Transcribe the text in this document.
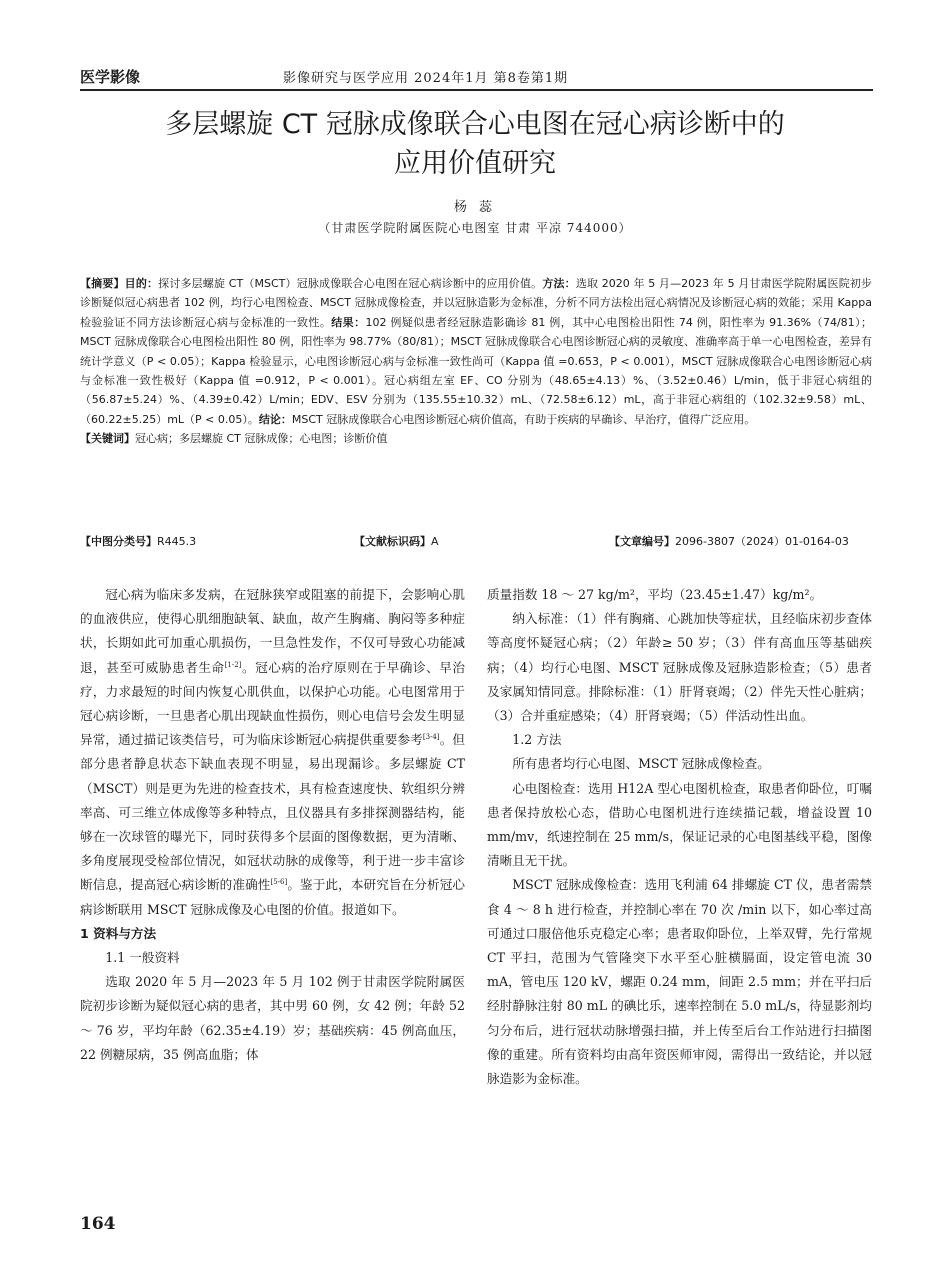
医学影像	影像研究与医学应用 2024年1月 第8卷第1期
多层螺旋 CT 冠脉成像联合心电图在冠心病诊断中的
应用价值研究
杨 蕊
（甘肃医学院附属医院心电图室 甘肃 平凉 744000）

【摘要】目的：探讨多层螺旋 CT（MSCT）冠脉成像联合心电图在冠心病诊断中的应用价值。方法：选取 2020 年 5 月—2023 年 5 月甘肃医学院附属医院初步诊断疑似冠心病患者 102 例，均行心电图检查、MSCT 冠脉成像检查，并以冠脉造影为金标准，分析不同方法检出冠心病情况及诊断冠心病的效能；采用 Kappa 检验验证不同方法诊断冠心病与金标准的一致性。结果：102 例疑似患者经冠脉造影确诊 81 例，其中心电图检出阳性 74 例，阳性率为 91.36%（74/81）；MSCT 冠脉成像联合心电图检出阳性 80 例，阳性率为 98.77%（80/81）；MSCT 冠脉成像联合心电图诊断冠心病的灵敏度、准确率高于单一心电图检查，差异有统计学意义（P < 0.05）；Kappa 检验显示，心电图诊断冠心病与金标准一致性尚可（Kappa 值 =0.653，P < 0.001），MSCT 冠脉成像联合心电图诊断冠心病与金标准一致性极好（Kappa 值 =0.912，P < 0.001）。冠心病组左室 EF、CO 分别为（48.65±4.13）%、（3.52±0.46）L/min，低于非冠心病组的（56.87±5.24）%、（4.39±0.42）L/min；EDV、ESV 分别为（135.55±10.32）mL、（72.58±6.12）mL，高于非冠心病组的（102.32±9.58）mL、（60.22±5.25）mL（P < 0.05）。结论：MSCT 冠脉成像联合心电图诊断冠心病价值高，有助于疾病的早确诊、早治疗，值得广泛应用。

【关键词】冠心病；多层螺旋 CT 冠脉成像；心电图；诊断价值

【中图分类号】R445.3	【文献标识码】A	【文章编号】2096-3807（2024）01-0164-03

冠心病为临床多发病，在冠脉狭窄或阻塞的前提下，会影响心肌的血液供应，使得心肌细胞缺氧、缺血，故产生胸痛、胸闷等多种症状，长期如此可加重心肌损伤，一旦急性发作，不仅可导致心功能减退，甚至可威胁患者生命[1-2]。冠心病的治疗原则在于早确诊、早治疗，力求最短的时间内恢复心肌供血，以保护心功能。心电图常用于冠心病诊断，一旦患者心肌出现缺血性损伤，则心电信号会发生明显异常，通过描记该类信号，可为临床诊断冠心病提供重要参考[3-4]。但部分患者静息状态下缺血表现不明显，易出现漏诊。多层螺旋 CT（MSCT）则是更为先进的检查技术，具有检查速度快、软组织分辨率高、可三维立体成像等多种特点，且仪器具有多排探测器结构，能够在一次球管的曝光下，同时获得多个层面的图像数据，更为清晰、多角度展现受检部位情况，如冠状动脉的成像等，利于进一步丰富诊断信息，提高冠心病诊断的准确性[5-6]。鉴于此，本研究旨在分析冠心病诊断联用 MSCT 冠脉成像及心电图的价值。报道如下。

1 资料与方法

1.1 一般资料

选取 2020 年 5 月—2023 年 5 月 102 例于甘肃医学院附属医院初步诊断为疑似冠心病的患者，其中男 60 例，女 42 例；年龄 52 ～ 76 岁，平均年龄（62.35±4.19）岁；基础疾病：45 例高血压，22 例糖尿病，35 例高血脂；体

质量指数 18 ～ 27 kg/m²，平均（23.45±1.47）kg/m²。

纳入标准：（1）伴有胸痛、心跳加快等症状，且经临床初步查体等高度怀疑冠心病；（2）年龄≥ 50 岁；（3）伴有高血压等基础疾病；（4）均行心电图、MSCT 冠脉成像及冠脉造影检查；（5）患者及家属知情同意。排除标准：（1）肝肾衰竭；（2）伴先天性心脏病；（3）合并重症感染；（4）肝肾衰竭；（5）伴活动性出血。

1.2 方法

所有患者均行心电图、MSCT 冠脉成像检查。

心电图检查：选用 H12A 型心电图机检查，取患者仰卧位，叮嘱患者保持放松心态，借助心电图机进行连续描记载，增益设置 10 mm/mv，纸速控制在 25 mm/s，保证记录的心电图基线平稳，图像清晰且无干扰。

MSCT 冠脉成像检查：选用飞利浦 64 排螺旋 CT 仪，患者需禁食 4 ～ 8 h 进行检查，并控制心率在 70 次 /min 以下，如心率过高可通过口服倍他乐克稳定心率；患者取仰卧位，上举双臂，先行常规 CT 平扫，范围为气管隆突下水平至心脏横膈面，设定管电流 30 mA，管电压 120 kV，螺距 0.24 mm，间距 2.5 mm；并在平扫后经肘静脉注射 80 mL 的碘比乐，速率控制在 5.0 mL/s，待显影剂均匀分布后，进行冠状动脉增强扫描，并上传至后台工作站进行扫描图像的重建。所有资料均由高年资医师审阅，需得出一致结论，并以冠脉造影为金标准。

164
